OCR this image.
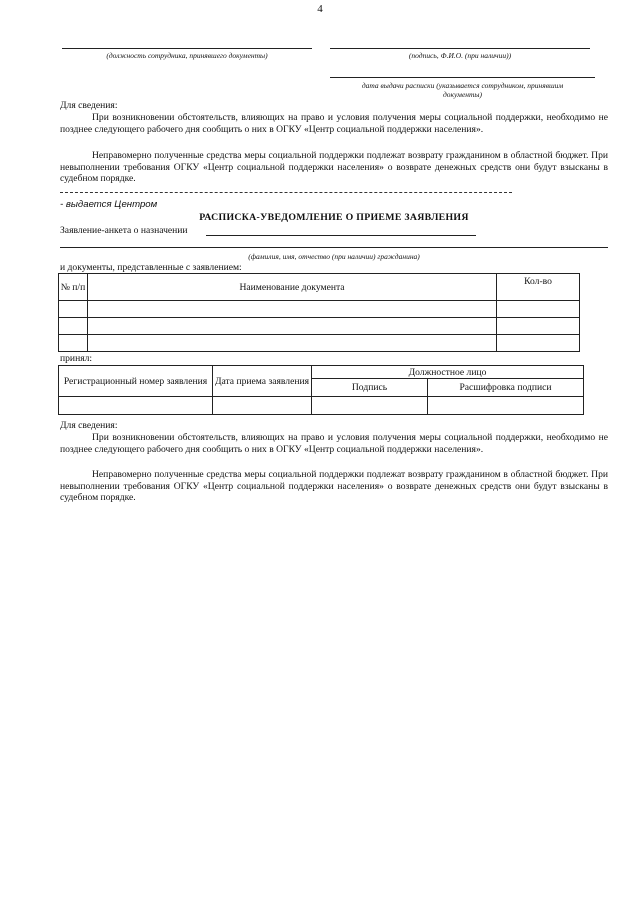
4
(должность сотрудника, принявшего документы)	(подпись, Ф.И.О. (при наличии))
дата выдачи расписки (указывается сотрудником, принявшим
документы)
Для сведения:
При возникновении обстоятельств, влияющих на право и условия получения меры социальной поддержки, необходимо не позднее следующего рабочего дня сообщить о них в ОГКУ «Центр социальной поддержки населения».
Неправомерно полученные средства меры социальной поддержки подлежат возврату гражданином в областной бюджет. При невыполнении требования ОГКУ «Центр социальной поддержки населения» о возврате денежных средств они будут взысканы в судебном порядке.
- выдается Центром
РАСПИСКА-УВЕДОМЛЕНИЕ О ПРИЕМЕ ЗАЯВЛЕНИЯ
Заявление-анкета о назначении
(фамилия, имя, отчество (при наличии) гражданина)
и документы, представленные с заявлением:
№ п/п	Наименование документа	Кол-во

принял:
Регистрационный номер заявления	Дата приема заявления	Должностное лицо	
		Подпись	Расшифровка подписи

Для сведения:
При возникновении обстоятельств, влияющих на право и условия получения меры социальной поддержки, необходимо не позднее следующего рабочего дня сообщить о них в ОГКУ «Центр социальной поддержки населения».
Неправомерно полученные средства меры социальной поддержки подлежат возврату гражданином в областной бюджет. При невыполнении требования ОГКУ «Центр социальной поддержки населения» о возврате денежных средств они будут взысканы в судебном порядке.
